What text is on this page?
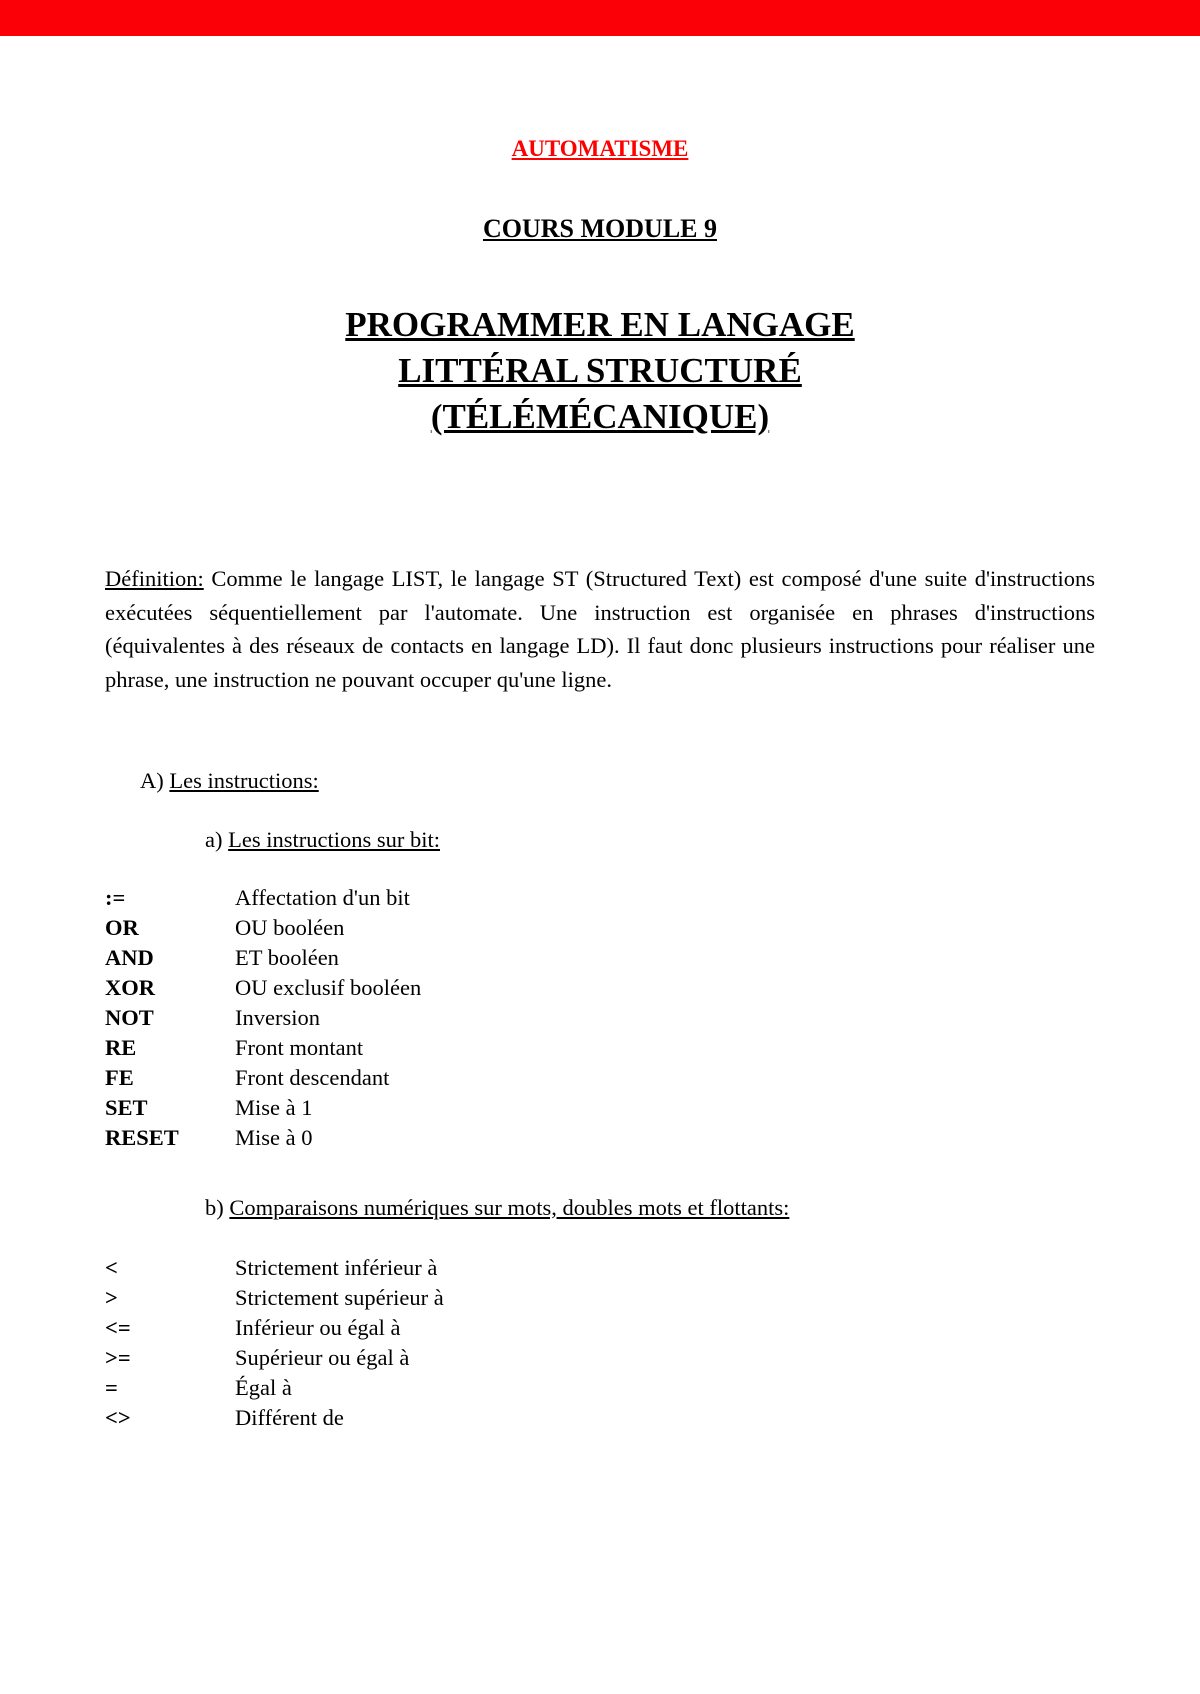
AUTOMATISME
COURS MODULE 9
PROGRAMMER EN LANGAGE
LITTÉRAL STRUCTURÉ
(TÉLÉMÉCANIQUE)

Définition: Comme le langage LIST, le langage ST (Structured Text) est composé d'une suite d'instructions exécutées séquentiellement par l'automate. Une instruction est organisée en phrases d'instructions (équivalentes à des réseaux de contacts en langage LD). Il faut donc plusieurs instructions pour réaliser une phrase, une instruction ne pouvant occuper qu'une ligne.

A) Les instructions:
a) Les instructions sur bit:
:=	Affectation d'un bit
OR	OU booléen
AND	ET booléen
XOR	OU exclusif booléen
NOT	Inversion
RE	Front montant
FE	Front descendant
SET	Mise à 1
RESET	Mise à 0
b) Comparaisons numériques sur mots, doubles mots et flottants:
<	Strictement inférieur à
>	Strictement supérieur à
<=	Inférieur ou égal à
>=	Supérieur ou égal à
=	Égal à
<>	Différent de
